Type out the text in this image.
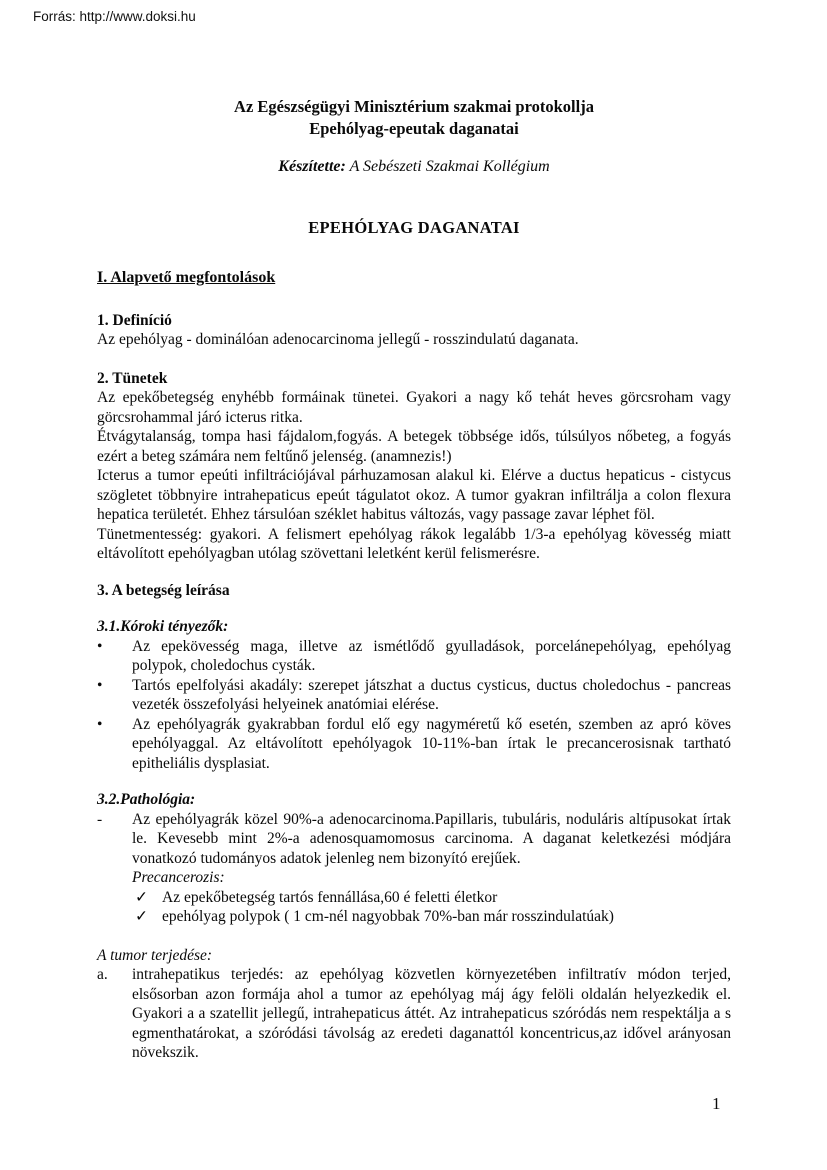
Forrás: http://www.doksi.hu
Az Egészségügyi Minisztérium szakmai protokollja
Epehólyag-epeutak daganatai
Készítette: A Sebészeti Szakmai Kollégium
EPEHÓLYAG DAGANATAI
I. Alapvető megfontolások
1. Definíció
Az epehólyag - dominálóan adenocarcinoma jellegű - rosszindulatú daganata.
2. Tünetek
Az epekőbetegség enyhébb formáinak tünetei. Gyakori a nagy kő tehát heves görcsroham vagy görcsrohammal járó icterus ritka.
Étvágytalanság, tompa hasi fájdalom,fogyás. A betegek többsége idős, túlsúlyos nőbeteg, a fogyás ezért a beteg számára nem feltűnő jelenség. (anamnezis!)
Icterus a tumor epeúti infiltrációjával párhuzamosan alakul ki. Elérve a ductus hepaticus - cistycus szögletet többnyire intrahepaticus epeút tágulatot okoz. A tumor gyakran infiltrálja a colon flexura hepatica területét. Ehhez társulóan széklet habitus változás, vagy passage zavar léphet föl.
Tünetmentesség: gyakori. A felismert epehólyag rákok legalább 1/3-a epehólyag kövesség miatt eltávolított epehólyagban utólag szövettani leletként kerül felismerésre.
3. A betegség leírása
3.1.Kóroki tényezők:
•	Az epekövesség maga, illetve az ismétlődő gyulladások, porcelánepehólyag, epehólyag polypok, choledochus cysták.
•	Tartós epelfolyási akadály: szerepet játszhat a ductus cysticus, ductus choledochus - pancreas vezeték összefolyási helyeinek anatómiai elérése.
•	Az epehólyagrák gyakrabban fordul elő egy nagyméretű kő esetén, szemben az apró köves epehólyaggal. Az eltávolított epehólyagok 10-11%-ban írtak le precancerosisnak tartható epitheliális dysplasiat.
3.2.Pathológia:
-	Az epehólyagrák közel 90%-a adenocarcinoma.Papillaris, tubuláris, noduláris altípusokat írtak le. Kevesebb mint 2%-a adenosquamomosus carcinoma. A daganat keletkezési módjára vonatkozó tudományos adatok jelenleg nem bizonyító erejűek.
Precancerozis:
✓ Az epekőbetegség tartós fennállása,60 é feletti életkor
✓ epehólyag polypok ( 1 cm-nél nagyobbak 70%-ban már rosszindulatúak)
A tumor terjedése:
a.	intrahepatikus terjedés: az epehólyag közvetlen környezetében infiltratív módon terjed, elsősorban azon formája ahol a tumor az epehólyag máj ágy felöli oldalán helyezkedik el. Gyakori a a szatellit jellegű, intrahepaticus áttét. Az intrahepaticus szóródás nem respektálja a s egmenthatárokat, a szóródási távolság az eredeti daganattól koncentricus,az idővel arányosan növekszik.
1
